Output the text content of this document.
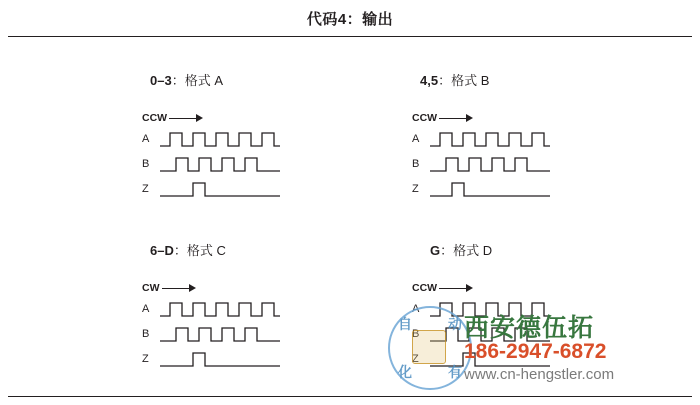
代码4：输出
0–3：格式 A
CCW
A
B
Z
4,5：格式 B
CCW
A
B
Z
6–D：格式 C
CW
A
B
Z
G：格式 D
CCW
A
B
Z
自	动
化	有
西安德伍拓
186-2947-6872
www.cn-hengstler.com
